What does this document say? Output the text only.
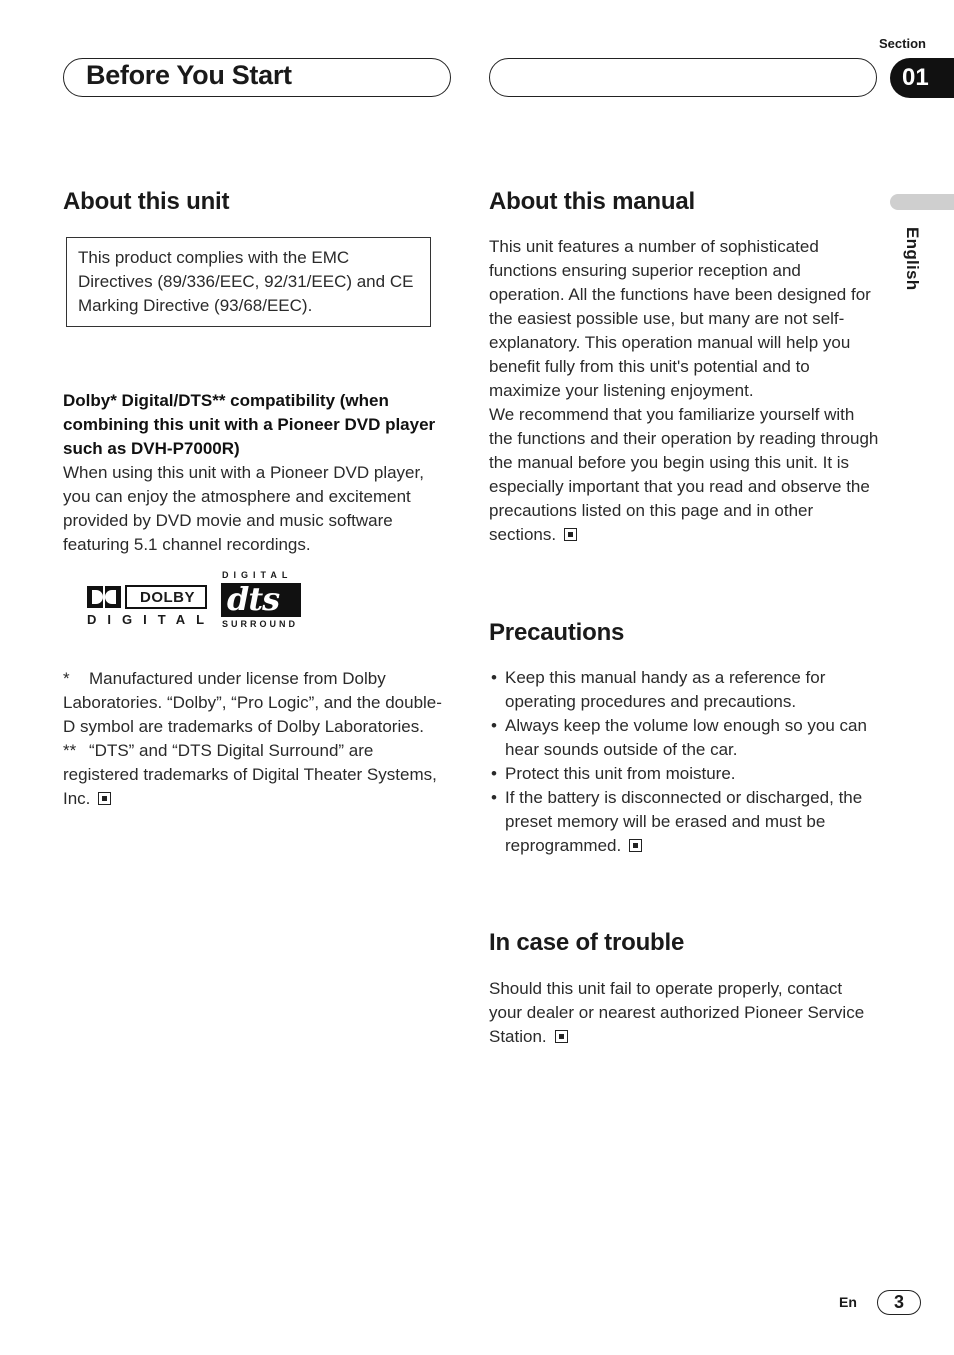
Before You Start
Section
01
English
About this unit
This product complies with the EMC Directives (89/336/EEC, 92/31/EEC) and CE Marking Directive (93/68/EEC).
Dolby* Digital/DTS** compatibility (when combining this unit with a Pioneer DVD player such as DVH-P7000R)
When using this unit with a Pioneer DVD player, you can enjoy the atmosphere and excitement provided by DVD movie and music software featuring 5.1 channel recordings.
DOLBY
DIGITAL
DIGITAL
dts
SURROUND
*	Manufactured under license from Dolby Laboratories. “Dolby”, “Pro Logic”, and the double-D symbol are trademarks of Dolby Laboratories.
** “DTS” and “DTS Digital Surround” are registered trademarks of Digital Theater Systems, Inc.
About this manual
This unit features a number of sophisticated functions ensuring superior reception and operation. All the functions have been designed for the easiest possible use, but many are not self-explanatory. This operation manual will help you benefit fully from this unit's potential and to maximize your listening enjoyment.
We recommend that you familiarize yourself with the functions and their operation by reading through the manual before you begin using this unit. It is especially important that you read and observe the precautions listed on this page and in other sections.
Precautions
• Keep this manual handy as a reference for operating procedures and precautions.
• Always keep the volume low enough so you can hear sounds outside of the car.
• Protect this unit from moisture.
• If the battery is disconnected or discharged, the preset memory will be erased and must be reprogrammed.
In case of trouble
Should this unit fail to operate properly, contact your dealer or nearest authorized Pioneer Service Station.
En	3
